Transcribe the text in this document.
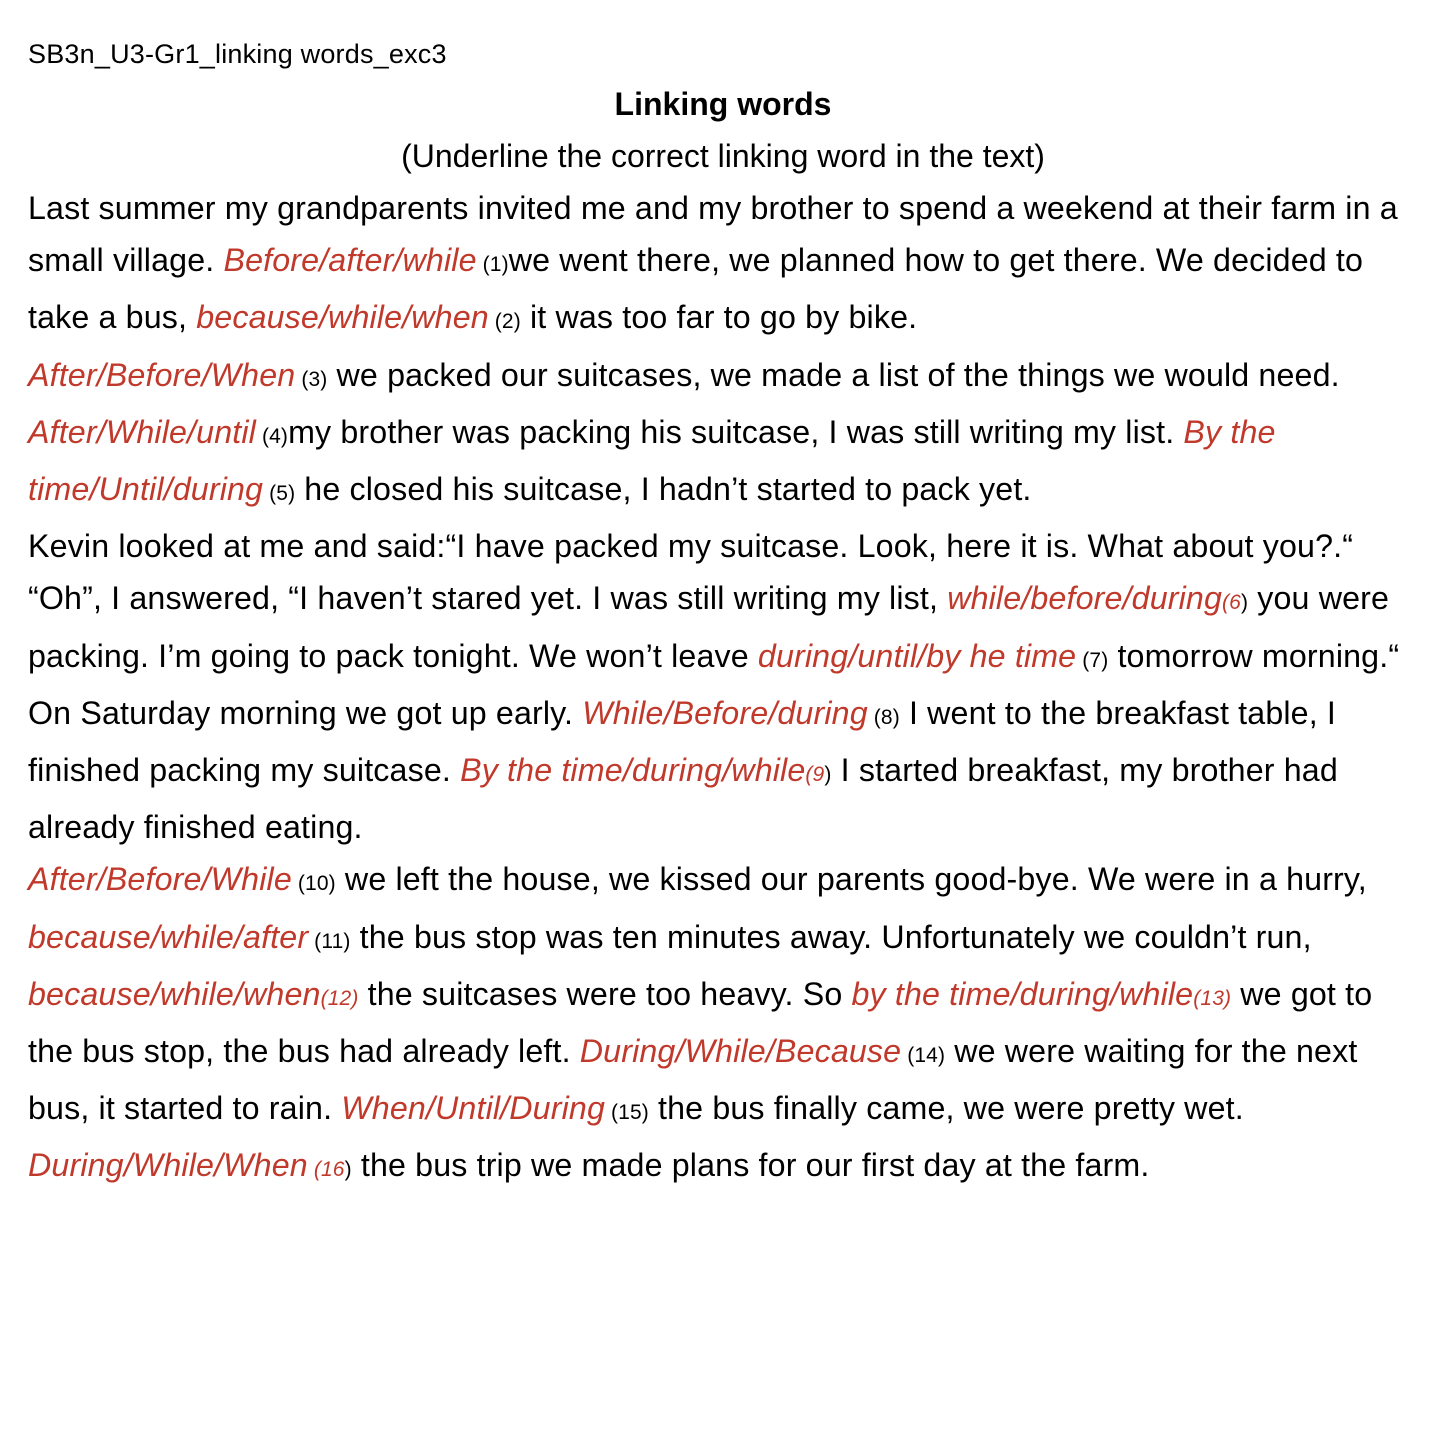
SB3n_U3-Gr1_linking words_exc3
Linking words
(Underline the correct linking word in the text)
Last summer my grandparents invited me and my brother to spend a weekend at their farm in a small village. Before/after/while (1)we went there, we planned how to get there. We decided to take a bus, because/while/when (2) it was too far to go by bike.
After/Before/When (3) we packed our suitcases, we made a list of the things we would need. After/While/until (4)my brother was packing his suitcase, I was still writing my list. By the time/Until/during (5) he closed his suitcase, I hadn’t started to pack yet.
Kevin looked at me and said:“I have packed my suitcase. Look, here it is. What about you?.“
“Oh”, I answered, “I haven’t stared yet. I was still writing my list, while/before/during(6) you were packing. I’m going to pack tonight. We won’t leave during/until/by he time (7) tomorrow morning.“
On Saturday morning we got up early. While/Before/during (8) I went to the breakfast table, I finished packing my suitcase. By the time/during/while(9) I started breakfast, my brother had already finished eating.
After/Before/While (10) we left the house, we kissed our parents good-bye. We were in a hurry, because/while/after (11) the bus stop was ten minutes away. Unfortunately we couldn’t run, because/while/when(12) the suitcases were too heavy. So by the time/during/while(13) we got to the bus stop, the bus had already left. During/While/Because (14) we were waiting for the next bus, it started to rain. When/Until/During (15) the bus finally came, we were pretty wet. During/While/When (16) the bus trip we made plans for our first day at the farm.
